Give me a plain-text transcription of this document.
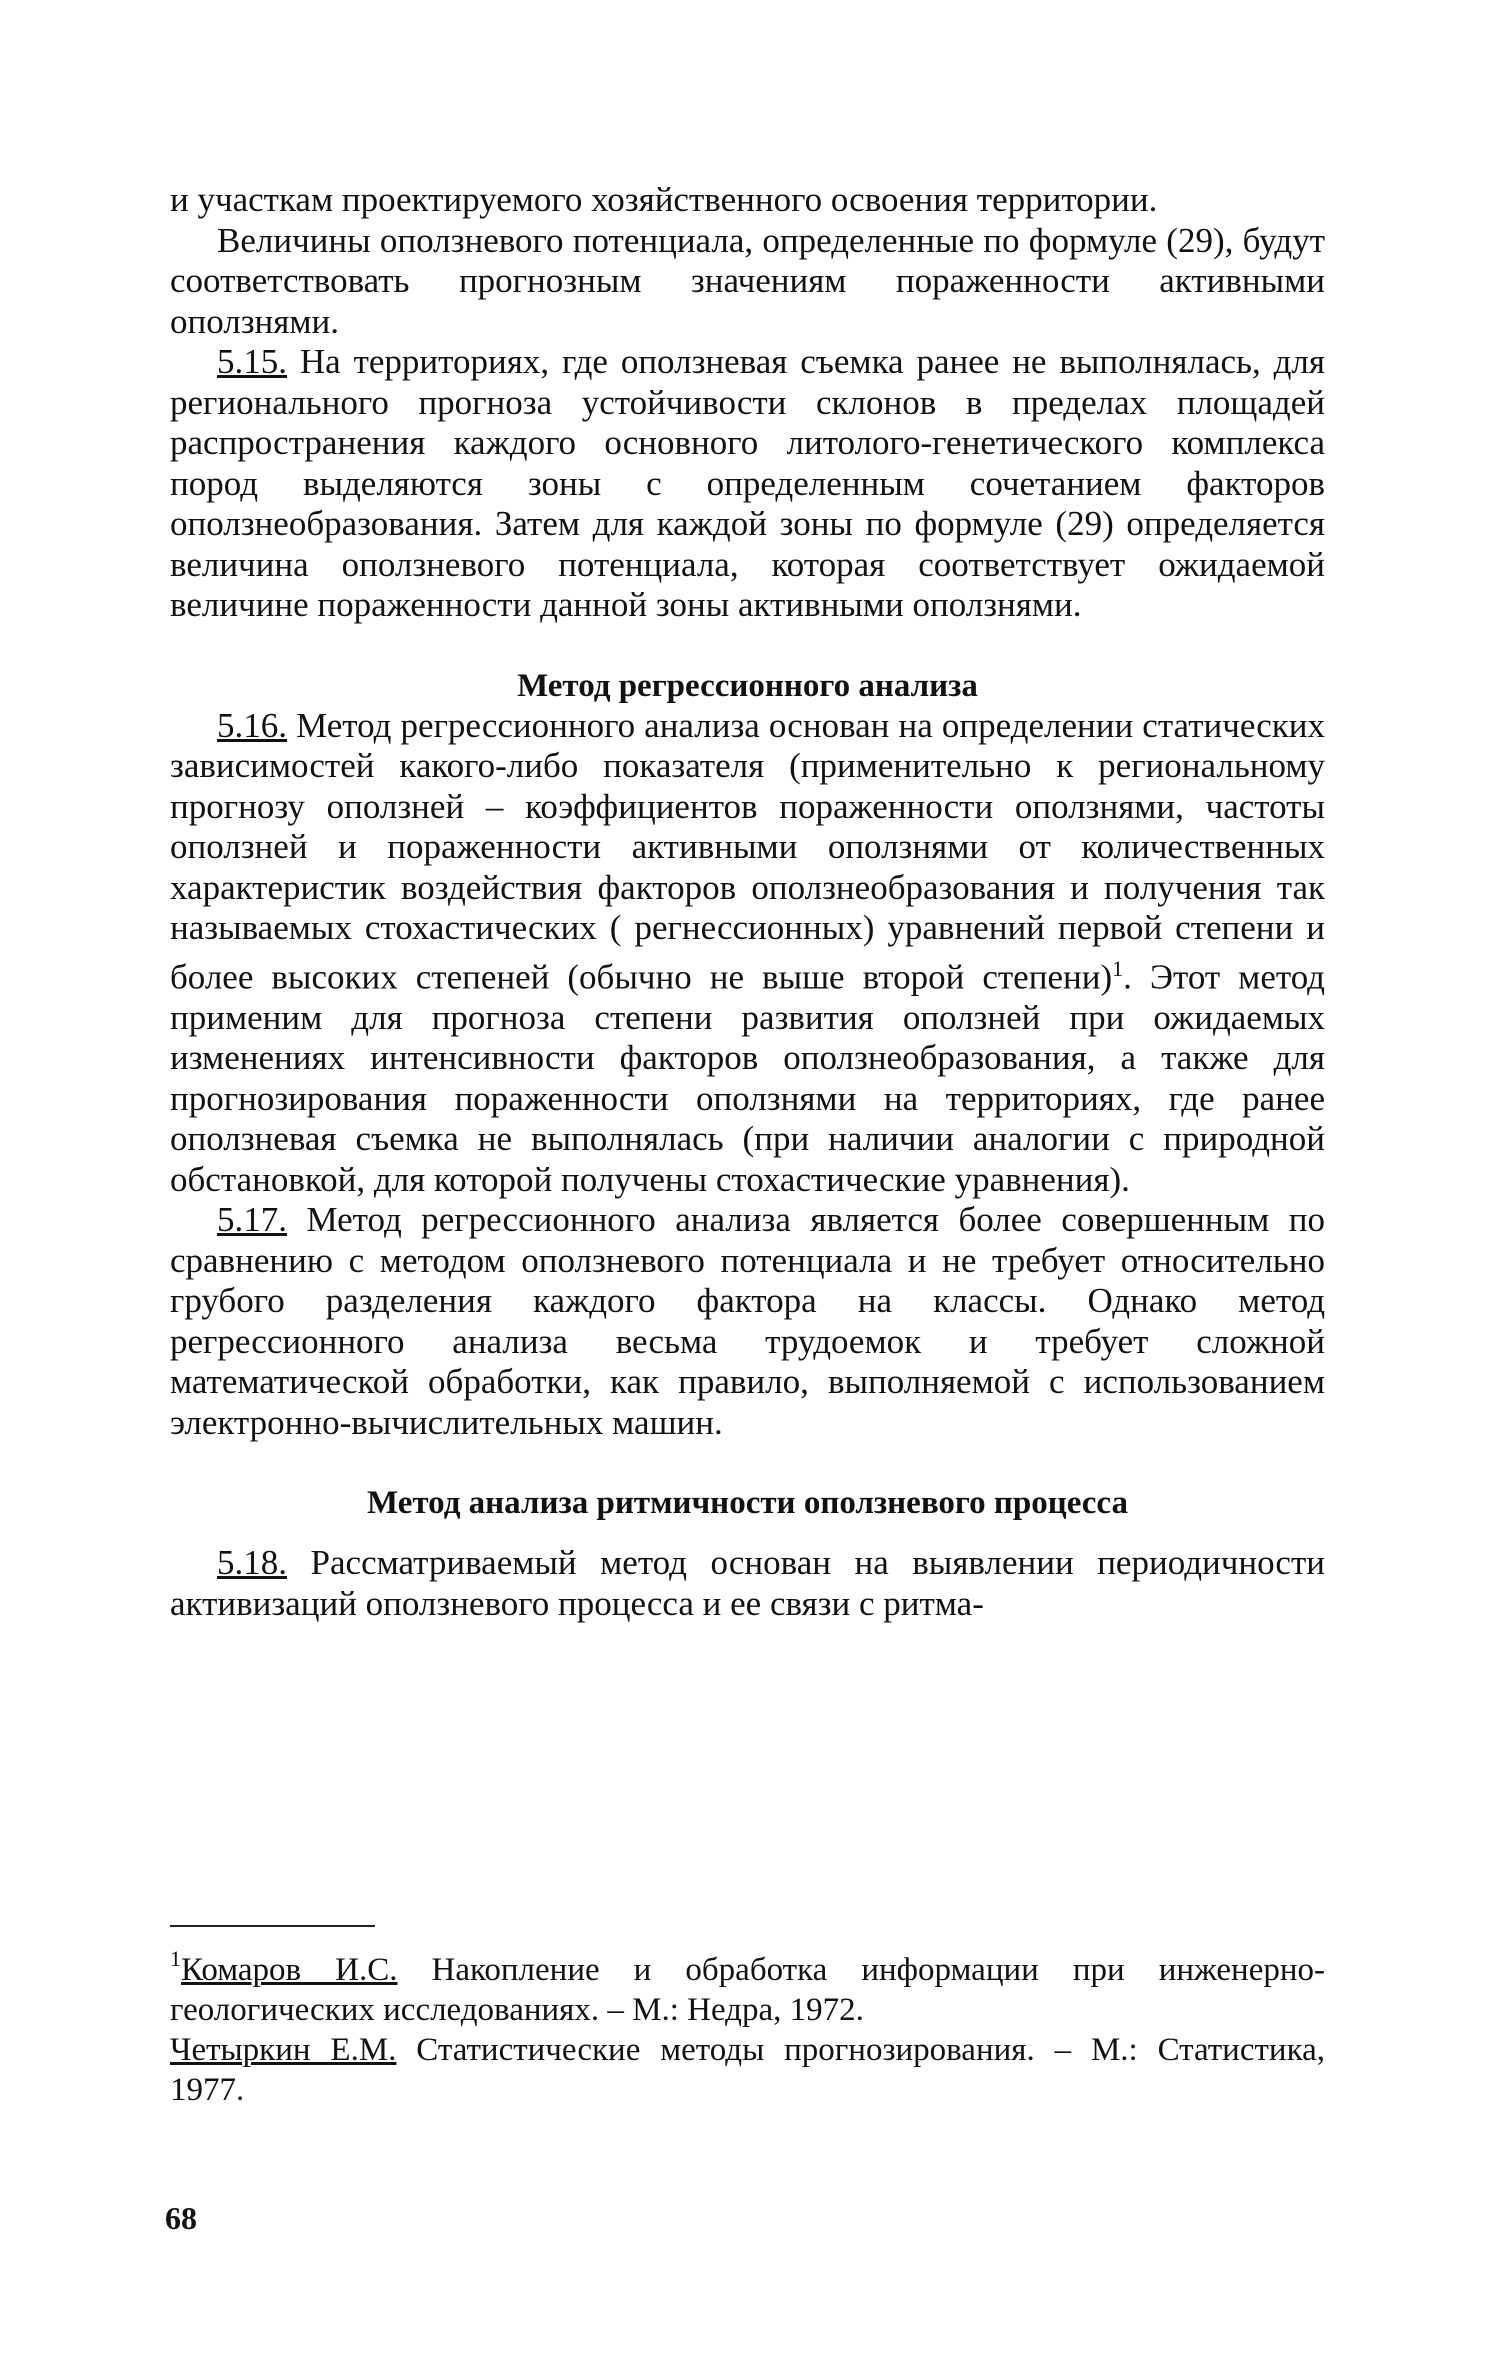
и участкам проектируемого хозяйственного освоения территории.

Величины оползневого потенциала, определенные по формуле (29), будут соответствовать прогнозным значениям пораженности активными оползнями.

5.15. На территориях, где оползневая съемка ранее не выполнялась, для регионального прогноза устойчивости склонов в пределах площадей распространения каждого основного литолого-генетического комплекса пород выделяются зоны с определенным сочетанием факторов оползнеобразования. Затем для каждой зоны по формуле (29) определяется величина оползневого потенциала, которая соответствует ожидаемой величине пораженности данной зоны активными оползнями.

Метод регрессионного анализа

5.16. Метод регрессионного анализа основан на определении статических зависимостей какого-либо показателя (применительно к региональному прогнозу оползней – коэффициентов пораженности оползнями, частоты оползней и пораженности активными оползнями от количественных характеристик воздействия факторов оползнеобразования и получения так называемых стохастических ( регнессионных) уравнений первой степени и более высоких степеней (обычно не выше второй степени)$^1$. Этот метод применим для прогноза степени развития оползней при ожидаемых изменениях интенсивности факторов оползнеобразования, а также для прогнозирования пораженности оползнями на территориях, где ранее оползневая съемка не выполнялась (при наличии аналогии с природной обстановкой, для которой получены стохастические уравнения).

5.17. Метод регрессионного анализа является более совершенным по сравнению с методом оползневого потенциала и не требует относительно грубого разделения каждого фактора на классы. Однако метод регрессионного анализа весьма трудоемок и требует сложной математической обработки, как правило, выполняемой с использованием электронно-вычислительных машин.

Метод анализа ритмичности оползневого процесса

5.18. Рассматриваемый метод основан на выявлении периодичности активизаций оползневого процесса и ее связи с ритма-

$^1$Комаров И.С. Накопление и обработка информации при инженерно-геологических исследованиях. – М.: Недра, 1972.

Четыркин Е.М. Статистические методы прогнозирования. – М.: Статистика, 1977.

68
